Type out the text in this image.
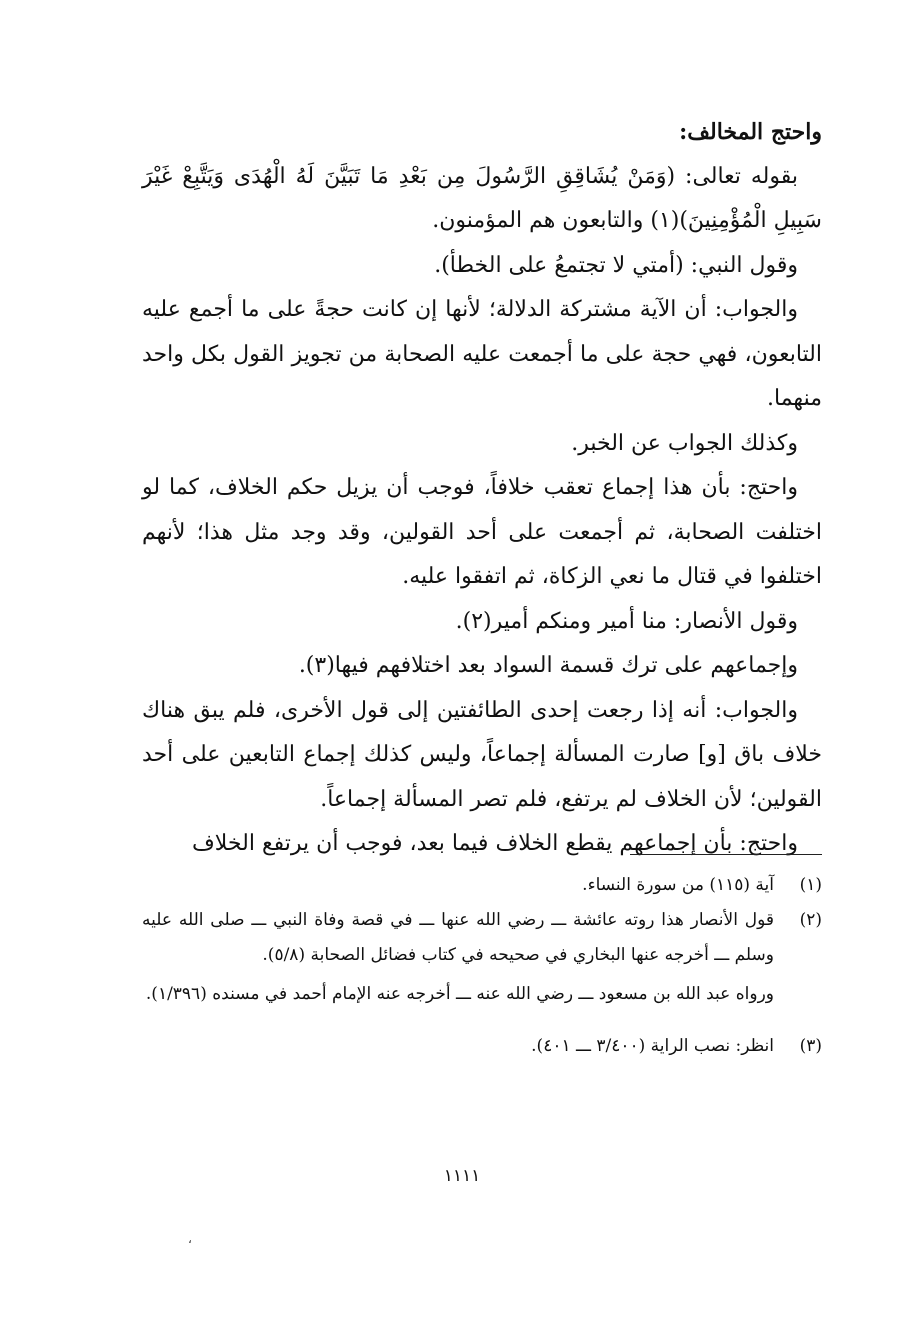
واحتج المخالف:

بقوله تعالى: (وَمَنْ يُشَاقِقِ الرَّسُولَ مِن بَعْدِ مَا تَبَيَّنَ لَهُ الْهُدَى وَيَتَّبِعْ غَيْرَ سَبِيلِ الْمُؤْمِنِينَ)(١) والتابعون هم المؤمنون.

وقول النبي: (أمتي لا تجتمعُ على الخطأ).

والجواب: أن الآية مشتركة الدلالة؛ لأنها إن كانت حجةً على ما أجمع عليه التابعون، فهي حجة على ما أجمعت عليه الصحابة من تجويز القول بكل واحد منهما.

وكذلك الجواب عن الخبر.

واحتج: بأن هذا إجماع تعقب خلافاً، فوجب أن يزيل حكم الخلاف، كما لو اختلفت الصحابة، ثم أجمعت على أحد القولين، وقد وجد مثل هذا؛ لأنهم اختلفوا في قتال ما نعي الزكاة، ثم اتفقوا عليه.

وقول الأنصار: منا أمير ومنكم أمير(٢).

وإجماعهم على ترك قسمة السواد بعد اختلافهم فيها(٣).

والجواب: أنه إذا رجعت إحدى الطائفتين إلى قول الأخرى، فلم يبق هناك خلاف باق [و] صارت المسألة إجماعاً، وليس كذلك إجماع التابعين على أحد القولين؛ لأن الخلاف لم يرتفع، فلم تصر المسألة إجماعاً.

واحتج: بأن إجماعهم يقطع الخلاف فيما بعد، فوجب أن يرتفع الخلاف

(١)
آية (١١٥) من سورة النساء.
(٢)
قول الأنصار هذا روته عائشة ـــ رضي الله عنها ـــ في قصة وفاة النبي ـــ صلى الله عليه وسلم ـــ أخرجه عنها البخاري في صحيحه في كتاب فضائل الصحابة (٥/٨).

ورواه عبد الله بن مسعود ـــ رضي الله عنه ـــ أخرجه عنه الإمام أحمد في مسنده (١/٣٩٦).

(٣)
انظر: نصب الراية (٣/٤٠٠ ـــ ٤٠١).
١١١١
،
